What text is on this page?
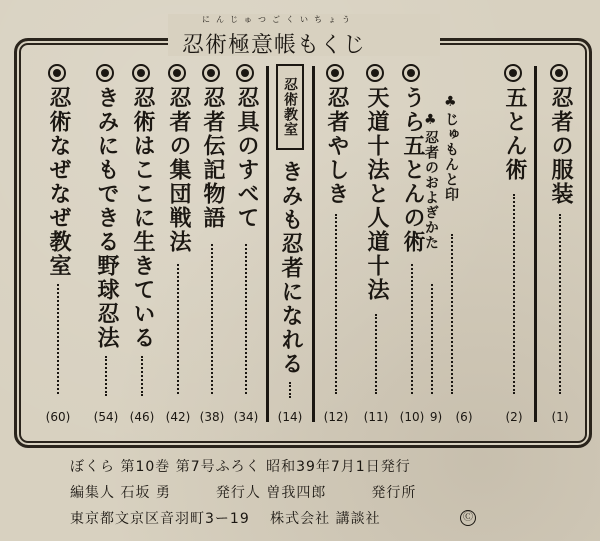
にんじゅつごくいちょう
忍術極意帳もくじ
忍者の服装
(1)
五とん術
(2)
♣
じゅもんと印
(6)
♣
忍者のおよぎかた
9)
うら五とんの術
(10)
天道十法と人道十法
(11)
忍者やしき
(12)
忍術教室
きみも忍者になれる
(14)
忍具のすべて
(34)
忍者伝記物語
(38)
忍者の集団戦法
(42)
忍術はここに生きている
(46)
きみにもできる野球忍法
(54)
忍術なぜなぜ教室
(60)
ぼくら 第10巻 第7号ふろく 昭和39年7月1日発行
編集人 石坂 勇　　　発行人 曽我四郎　　　発行所
東京都文京区音羽町3ー19　 株式会社 講談社	Ⓒ
